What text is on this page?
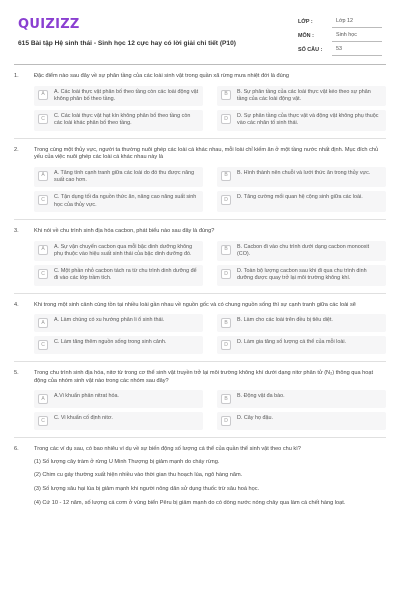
QUIZIZZ
615 Bài tập Hệ sinh thái - Sinh học 12 cực hay có lời giải chi tiết (P10)
LỚP :	Lớp 12
MÔN :	Sinh học
SỐ CÂU :	53
1.	Đặc điểm nào sau đây về sự phân tầng của các loài sinh vật trong quần xã rừng mưa nhiệt đới là đúng
A	A. Các loài thực vật phân bố theo tầng còn các loài động vật không phân bố theo tầng.
B	B. Sự phân tầng của các loài thực vật kéo theo sự phân tầng của các loài động vật.
C	C. Các loài thực vật hạt kín không phân bố theo tầng còn các loài khác phân bố theo tầng.
D	D. Sự phân tầng của thực vật và động vật không phụ thuộc vào các nhân tố sinh thái.
2.	Trong cùng một thủy vực, người ta thường nuôi ghép các loài cá khác nhau, mỗi loài chỉ kiếm ăn ở một tầng nước nhất định. Mục đích chủ yếu của việc nuôi ghép các loài cá khác nhau này là
A	A. Tăng tính cạnh tranh giữa các loài do đó thu được năng suất cao hơn.
B	B. Hình thành nên chuỗi và lưới thức ăn trong thủy vực.
C	C. Tận dụng tối đa nguồn thức ăn, nâng cao năng suất sinh học của thủy vực.
D	D. Tăng cường mối quan hệ cộng sinh giữa các loài.
3.	Khi nói về chu trình sinh địa hóa cacbon, phát biểu nào sau đây là đúng?
A	A. Sự vận chuyển cacbon qua mỗi bậc dinh dưỡng không phụ thuộc vào hiệu suất sinh thái của bậc dinh dưỡng đó.
B	B. Cacbon đi vào chu trình dưới dạng cacbon monooxit (CO).
C	C. Một phần nhỏ cacbon tách ra từ chu trình dinh dưỡng để đi vào các lớp trầm tích.
D	D. Toàn bộ lượng cacbon sau khi đi qua chu trình dinh dưỡng được quay trở lại môi trường không khí.
4.	Khi trong một sinh cảnh cùng tồn tại nhiều loài gần nhau về nguồn gốc và có chung nguồn sống thì sự cạnh tranh giữa các loài sẽ
A	A. Làm chúng có xu hướng phân li ổ sinh thái.	B	B. Làm cho các loài trên đều bị tiêu diệt.
C	C. Làm tăng thêm nguồn sống trong sinh cảnh.	D	D. Làm gia tăng số lượng cá thể của mỗi loài.
5.	Trong chu trình sinh địa hóa, nitơ từ trong cơ thể sinh vật truyền trở lại môi trường không khí dưới dạng nitơ phân tử (N₂) thông qua hoạt động của nhóm sinh vật nào trong các nhóm sau đây?
A	A.Vi khuẩn phản nitrat hóa.	B	B. Động vật đa bào.
C	C. Vi khuẩn cố định nitơ.	D	D. Cây họ đậu.
6.	Trong các ví dụ sau, có bao nhiêu ví dụ về sự biến động số lượng cá thể của quần thể sinh vật theo chu kì?
(1) Số lượng cây tràm ở rừng U Minh Thượng bị giảm mạnh do cháy rừng.
(2) Chim cu gáy thường xuất hiện nhiều vào thời gian thu hoạch lúa, ngô hàng năm.
(3) Số lượng sâu hại lúa bị giảm mạnh khi người nông dân sử dụng thuốc trừ sâu hoá học.
(4) Cứ 10 - 12 năm, số lượng cá cơm ở vùng biển Pêru bị giảm mạnh do có dòng nước nóng chảy qua làm cá chết hàng loạt.
